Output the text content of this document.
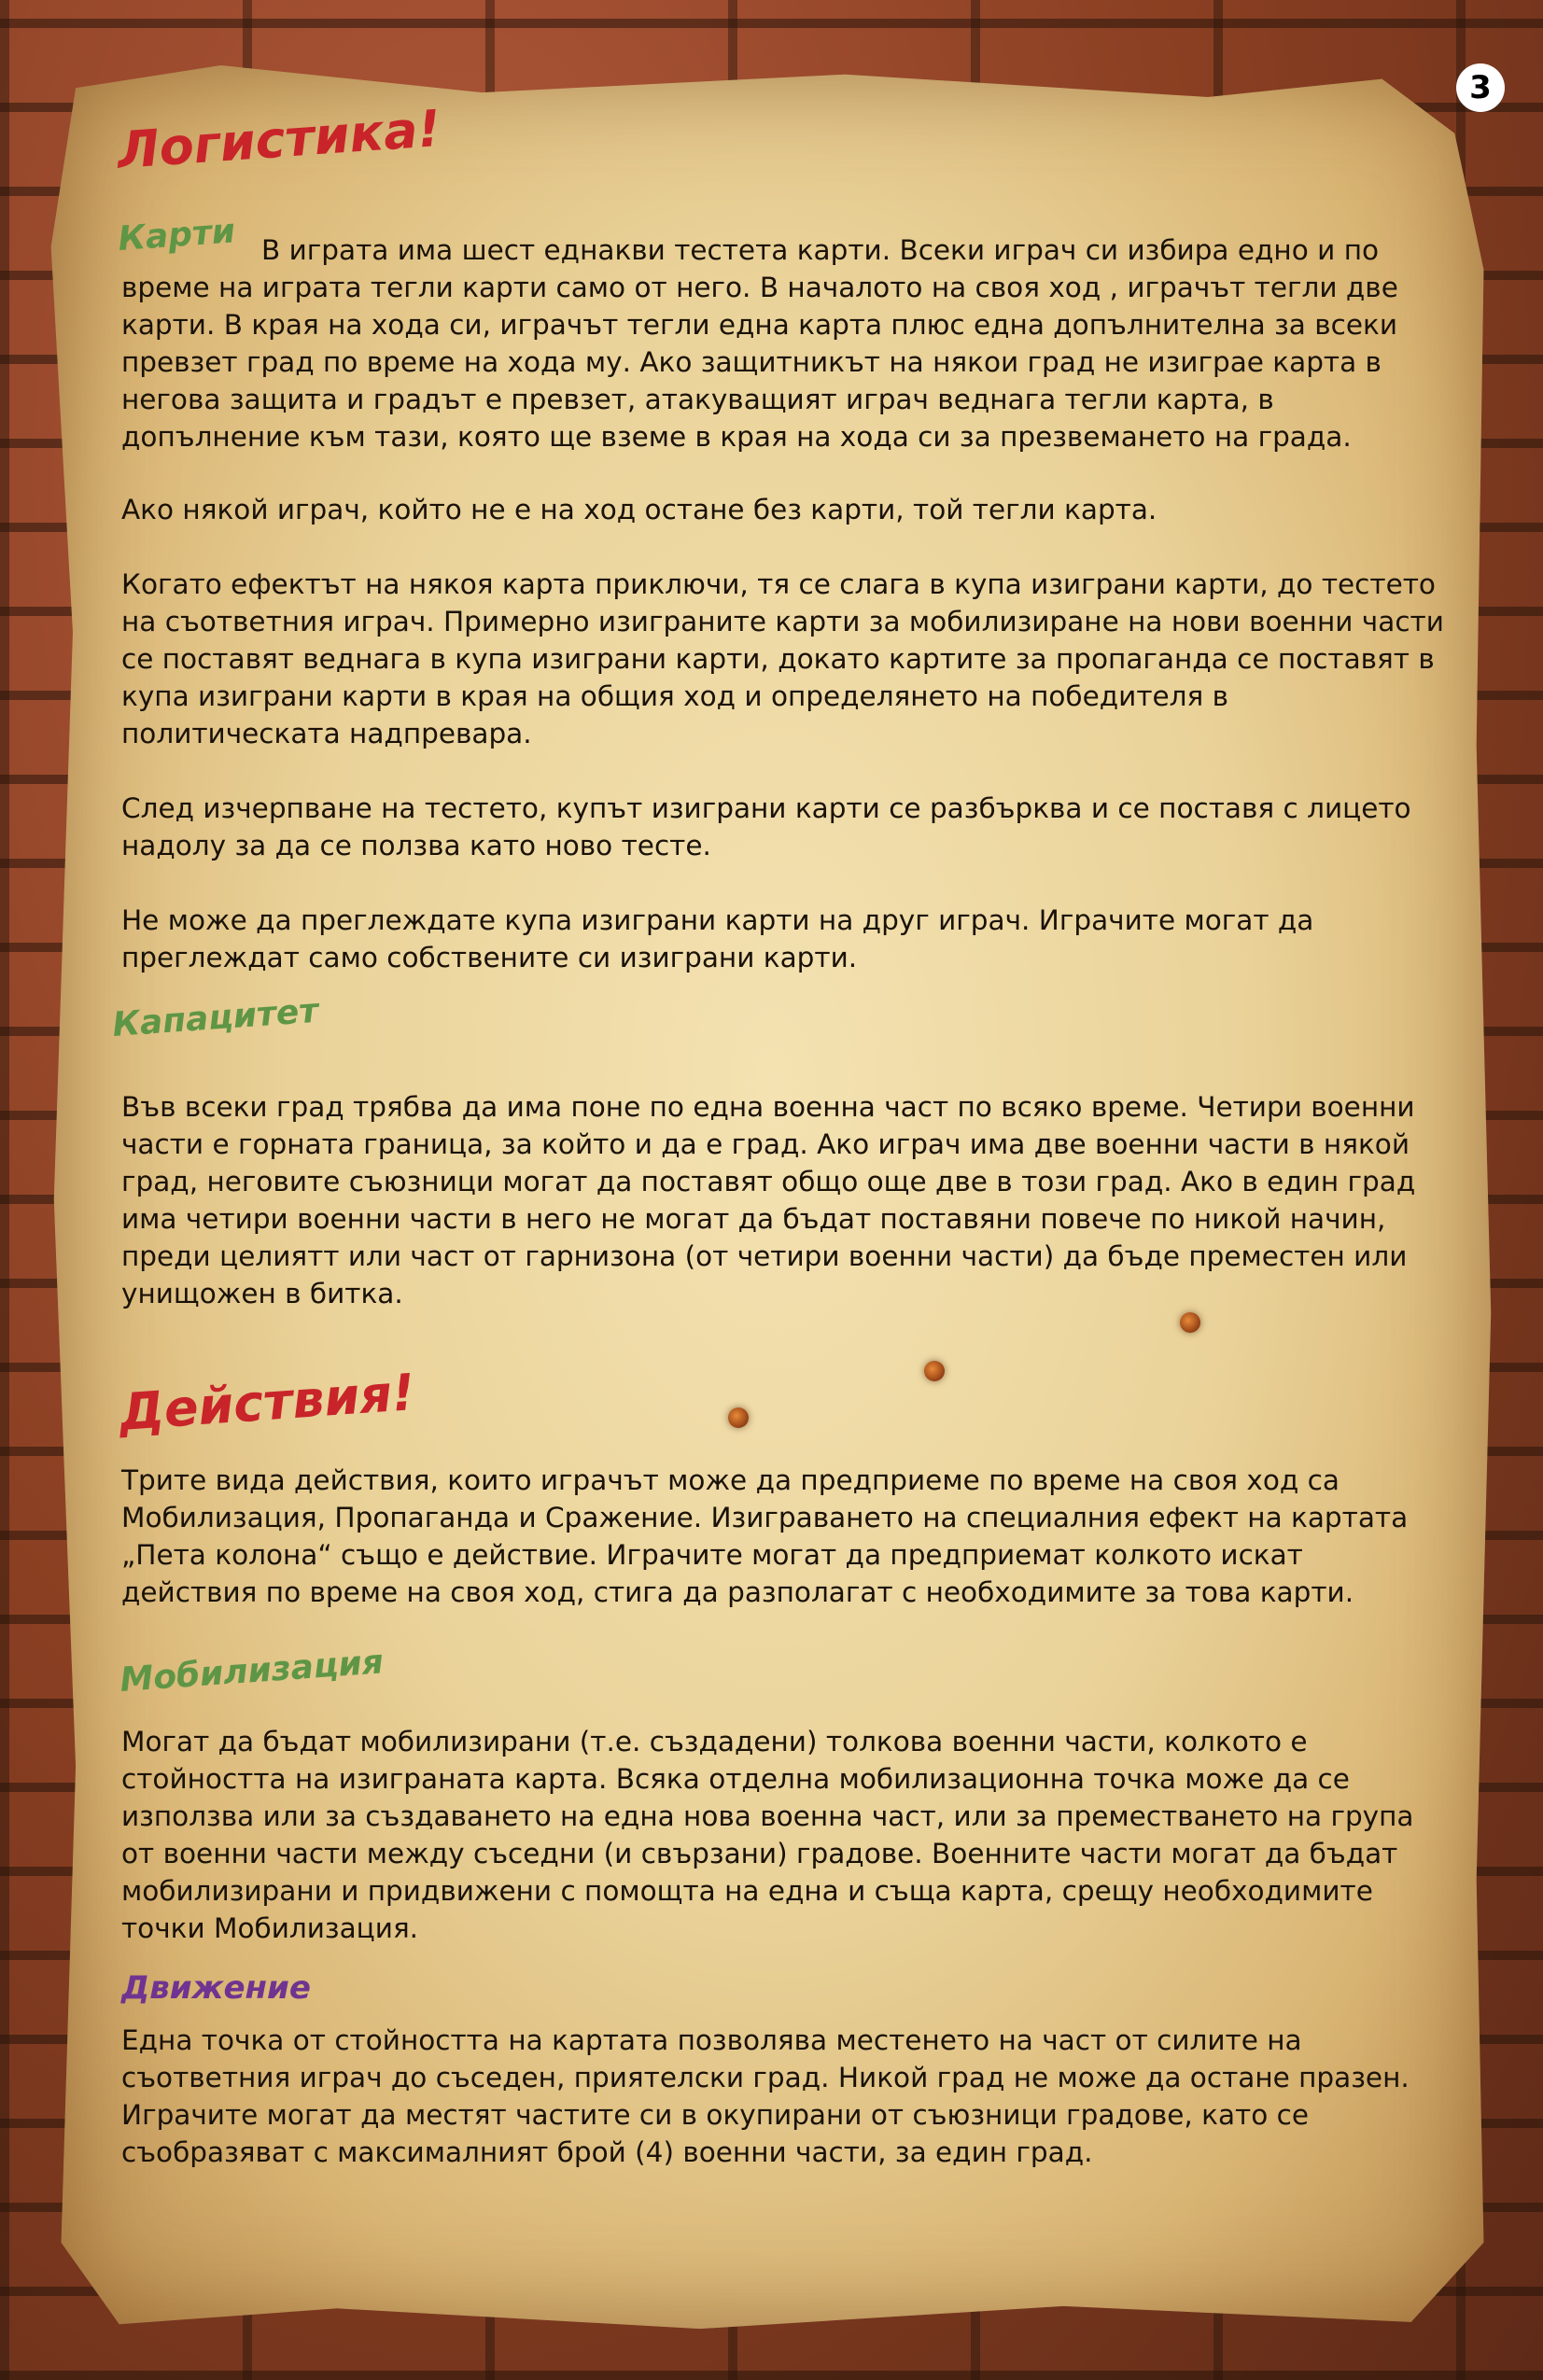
3
Логистика!
Карти В играта има шест еднакви тестета карти. Всеки играч си избира едно и по време на играта тегли карти само от него. В началото на своя ход , играчът тегли две карти. В края на хода си, играчът тегли една карта плюс една допълнителна за всеки превзет град по време на хода му. Ако защитникът на някои град не изиграе карта в негова защита и градът е превзет, атакуващият играч веднага тегли карта, в допълнение към тази, която ще вземе в края на хода си за презвемането на града.

Ако някой играч, който не е на ход остане без карти, той тегли карта.

Когато ефектът на някоя карта приключи, тя се слага в купа изиграни карти, до тестето на съответния играч. Примерно изиграните карти за мобилизиране на нови военни части се поставят веднага в купа изиграни карти, докато картите за пропаганда се поставят в купа изиграни карти в края на общия ход и определянето на победителя в политическата надпревара.

След изчерпване на тестето, купът изиграни карти се разбърква и се поставя с лицето надолу за да се ползва като ново тесте.

Не може да преглеждате купа изиграни карти на друг играч. Играчите могат да преглеждат само собствените си изиграни карти.

Капацитет

Във всеки град трябва да има поне по една военна част по всяко време. Четири военни части е горната граница, за който и да е град. Ако играч има две военни части в някой град, неговите съюзници могат да поставят общо още две в този град. Ако в един град има четири военни части в него не могат да бъдат поставяни повече по никой начин, преди целиятт или част от гарнизона (от четири военни части) да бъде преместен или унищожен в битка.

Действия!

Трите вида действия, които играчът може да предприеме по време на своя ход са Мобилизация, Пропаганда и Сражение. Изиграването на специалния ефект на картата „Пета колона“ също е действие. Играчите могат да предприемат колкото искат действия по време на своя ход, стига да разполагат с необходимите за това карти.

Мобилизация

Могат да бъдат мобилизирани (т.е. създадени) толкова военни части, колкото е стойността на изиграната карта. Всяка отделна мобилизационна точка може да се използва или за създаването на една нова военна част, или за преместването на група от военни части между съседни (и свързани) градове. Военните части могат да бъдат мобилизирани и придвижени с помощта на една и съща карта, срещу необходимите точки Мобилизация.

Движение

Една точка от стойността на картата позволява местенето на част от силите на съответния играч до съседен, приятелски град. Никой град не може да остане празен. Играчите могат да местят частите си в окупирани от съюзници градове, като се съобразяват с максималният брой (4) военни части, за един град.
